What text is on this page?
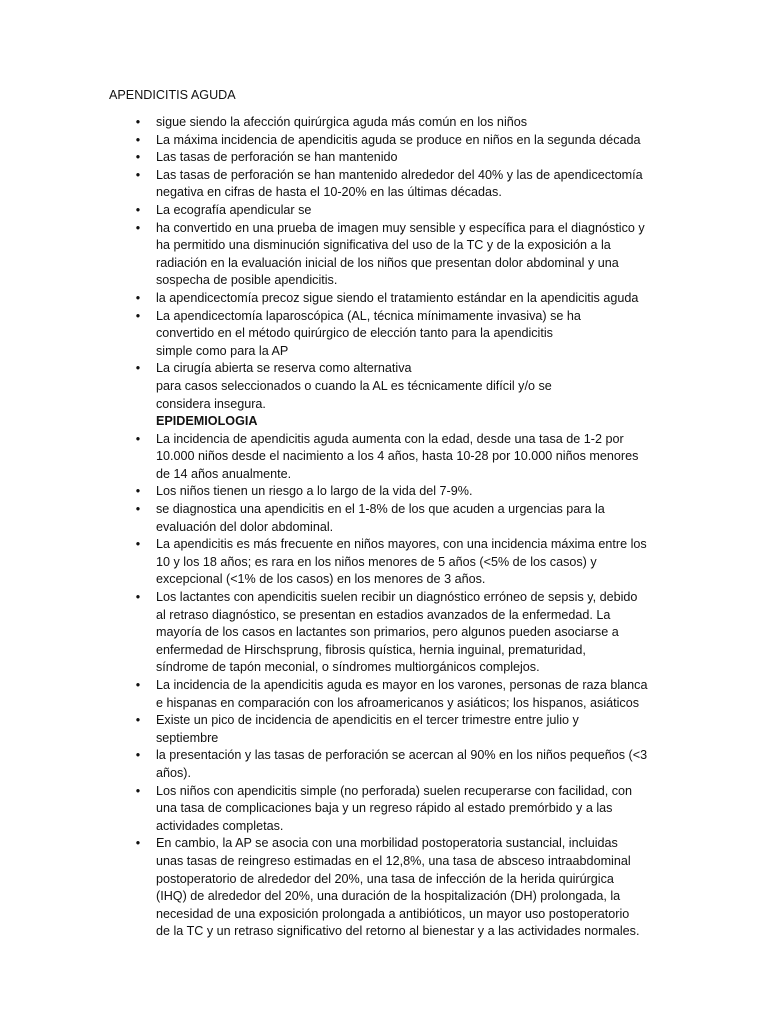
APENDICITIS AGUDA
•	sigue siendo la afección quirúrgica aguda más común en los niños
•	La máxima incidencia de apendicitis aguda se produce en niños en la segunda década
•	Las tasas de perforación se han mantenido
•	Las tasas de perforación se han mantenido alrededor del 40% y las de apendicectomía
negativa en cifras de hasta el 10-20% en las últimas décadas.
•	La ecografía apendicular se
•	ha convertido en una prueba de imagen muy sensible y específica para el diagnóstico y
ha permitido una disminución significativa del uso de la TC y de la exposición a la
radiación en la evaluación inicial de los niños que presentan dolor abdominal y una
sospecha de posible apendicitis.
•	la apendicectomía precoz sigue siendo el tratamiento estándar en la apendicitis aguda
•	La apendicectomía laparoscópica (AL, técnica mínimamente invasiva) se ha
convertido en el método quirúrgico de elección tanto para la apendicitis
simple como para la AP
•	La cirugía abierta se reserva como alternativa
para casos seleccionados o cuando la AL es técnicamente difícil y/o se
considera insegura.
EPIDEMIOLOGIA
•	La incidencia de apendicitis aguda aumenta con la edad, desde una tasa de 1-2 por
10.000 niños desde el nacimiento a los 4 años, hasta 10-28 por 10.000 niños menores
de 14 años anualmente.
•	Los niños tienen un riesgo a lo largo de la vida del 7-9%.
•	se diagnostica una apendicitis en el 1-8% de los que acuden a urgencias para la
evaluación del dolor abdominal.
•	La apendicitis es más frecuente en niños mayores, con una incidencia máxima entre los
10 y los 18 años; es rara en los niños menores de 5 años (<5% de los casos) y
excepcional (<1% de los casos) en los menores de 3 años.
•	Los lactantes con apendicitis suelen recibir un diagnóstico erróneo de sepsis y, debido
al retraso diagnóstico, se presentan en estadios avanzados de la enfermedad. La
mayoría de los casos en lactantes son primarios, pero algunos pueden asociarse a
enfermedad de Hirschsprung, fibrosis quística, hernia inguinal, prematuridad,
síndrome de tapón meconial, o síndromes multiorgánicos complejos.
•	La incidencia de la apendicitis aguda es mayor en los varones, personas de raza blanca
e hispanas en comparación con los afroamericanos y asiáticos; los hispanos, asiáticos
•	Existe un pico de incidencia de apendicitis en el tercer trimestre entre julio y
septiembre
•	la presentación y las tasas de perforación se acercan al 90% en los niños pequeños (<3
años).
•	Los niños con apendicitis simple (no perforada) suelen recuperarse con facilidad, con
una tasa de complicaciones baja y un regreso rápido al estado premórbido y a las
actividades completas.
•	En cambio, la AP se asocia con una morbilidad postoperatoria sustancial, incluidas
unas tasas de reingreso estimadas en el 12,8%, una tasa de absceso intraabdominal
postoperatorio de alrededor del 20%, una tasa de infección de la herida quirúrgica
(IHQ) de alrededor del 20%, una duración de la hospitalización (DH) prolongada, la
necesidad de una exposición prolongada a antibióticos, un mayor uso postoperatorio
de la TC y un retraso significativo del retorno al bienestar y a las actividades normales.
